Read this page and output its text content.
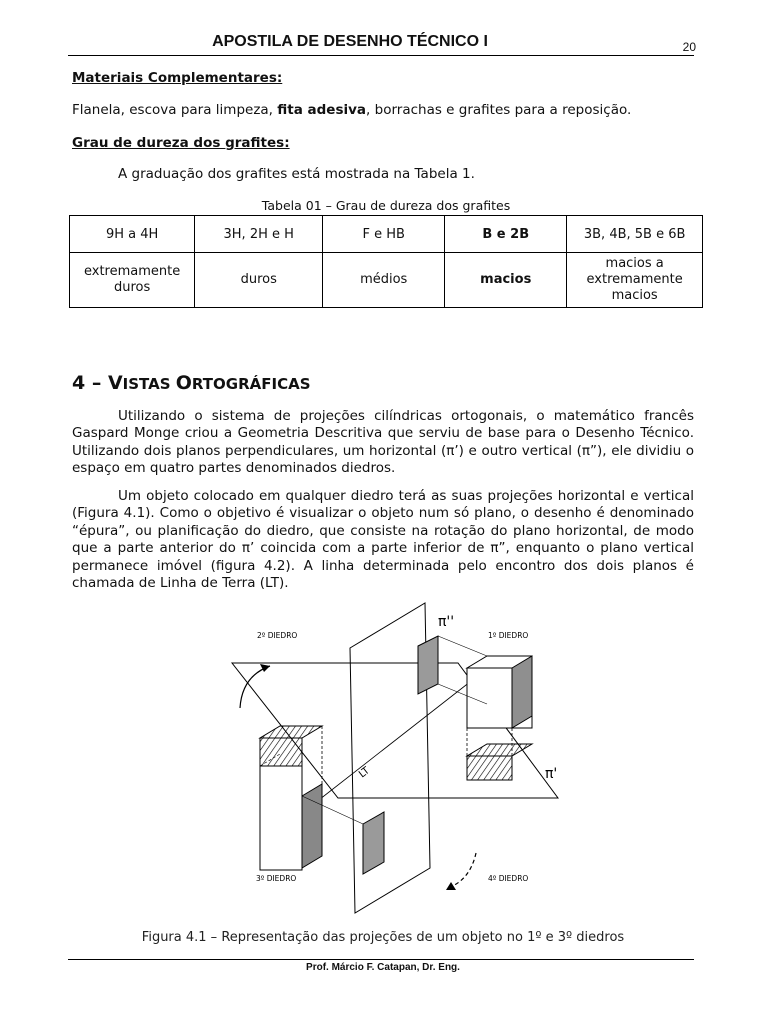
APOSTILA DE DESENHO TÉCNICO I	20
Materiais Complementares:
Flanela, escova para limpeza, fita adesiva, borrachas e grafites para a reposição.
Grau de dureza dos grafites:
A graduação dos grafites está mostrada na Tabela 1.
Tabela 01 – Grau de dureza dos grafites
9H a 4H	3H, 2H e H	F e HB	B e 2B	3B, 4B, 5B e 6B
extremamente duros	duros	médios	macios	macios a extremamente macios
4 – VISTAS ORTOGRÁFICAS
Utilizando o sistema de projeções cilíndricas ortogonais, o matemático francês Gaspard Monge criou a Geometria Descritiva que serviu de base para o Desenho Técnico. Utilizando dois planos perpendiculares, um horizontal (π’) e outro vertical (π”), ele dividiu o espaço em quatro partes denominados diedros.
Um objeto colocado em qualquer diedro terá as suas projeções horizontal e vertical (Figura 4.1). Como o objetivo é visualizar o objeto num só plano, o desenho é denominado “épura”, ou planificação do diedro, que consiste na rotação do plano horizontal, de modo que a parte anterior do π’ coincida com a parte inferior de π”, enquanto o plano vertical permanece imóvel (figura 4.2). A linha determinada pelo encontro dos dois planos é chamada de Linha de Terra (LT).
2º DIEDRO	1º DIEDRO
3º DIEDRO	4º DIEDRO
π''
π'
LT
Figura 4.1 – Representação das projeções de um objeto no 1º e 3º diedros
Prof. Márcio F. Catapan, Dr. Eng.
